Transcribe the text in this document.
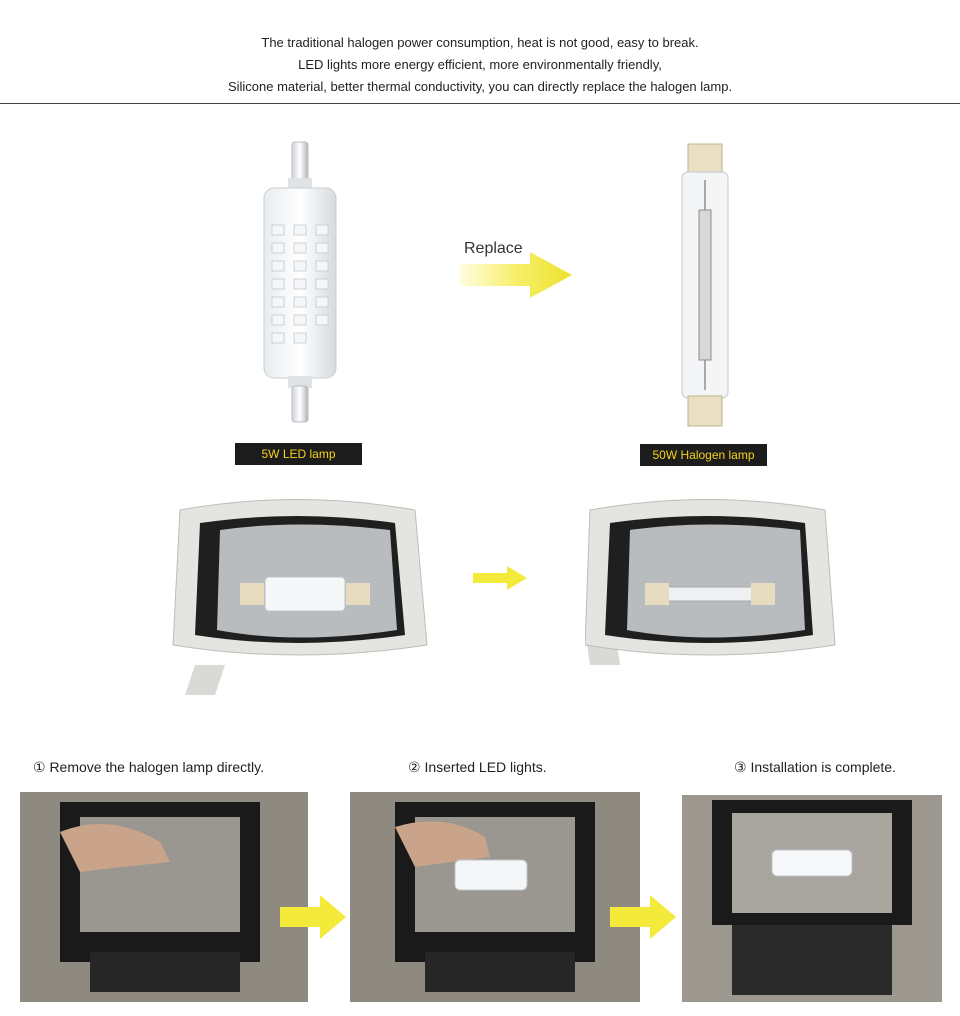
The traditional halogen power consumption, heat is not good, easy to break.
LED lights more energy efficient, more environmentally friendly,
Silicone material, better thermal conductivity, you can directly replace the halogen lamp.
Replace
5W LED lamp	50W Halogen lamp
① Remove the halogen lamp directly.	② Inserted LED lights.	③ Installation is complete.
